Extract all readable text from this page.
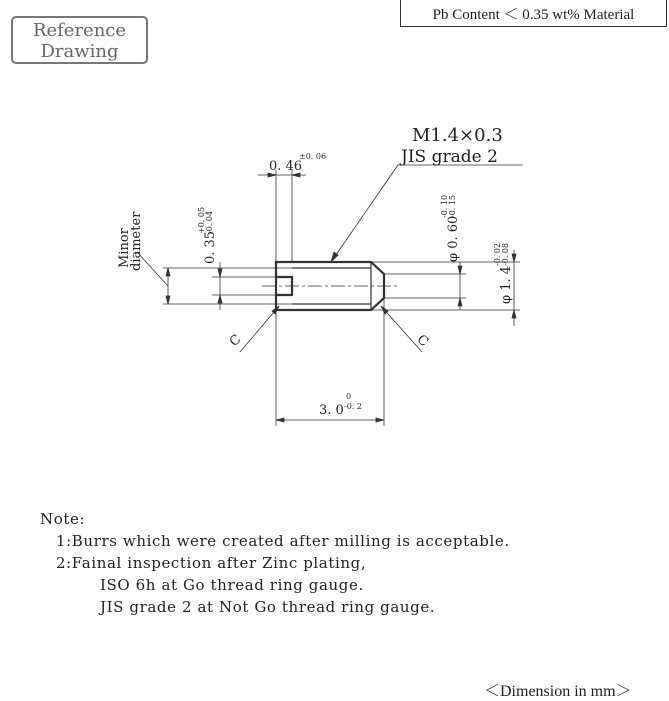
Pb Content ＜ 0.35 wt% Material
Reference
Drawing
M1.4×0.3
JIS grade 2
0. 46
±0. 06
Minor
diameter	0. 35
+0. 05 -0. 04	φ 0. 60
-0. 10 -0. 15
φ 1. 4
-0. 02 -0. 08
C	C
3. 0
0
-0. 2
Note:
1:Burrs which were created after milling is acceptable.
2:Fainal inspection after Zinc plating,
ISO 6h at Go thread ring gauge.
JIS grade 2 at Not Go thread ring gauge.
＜Dimension in mm＞
